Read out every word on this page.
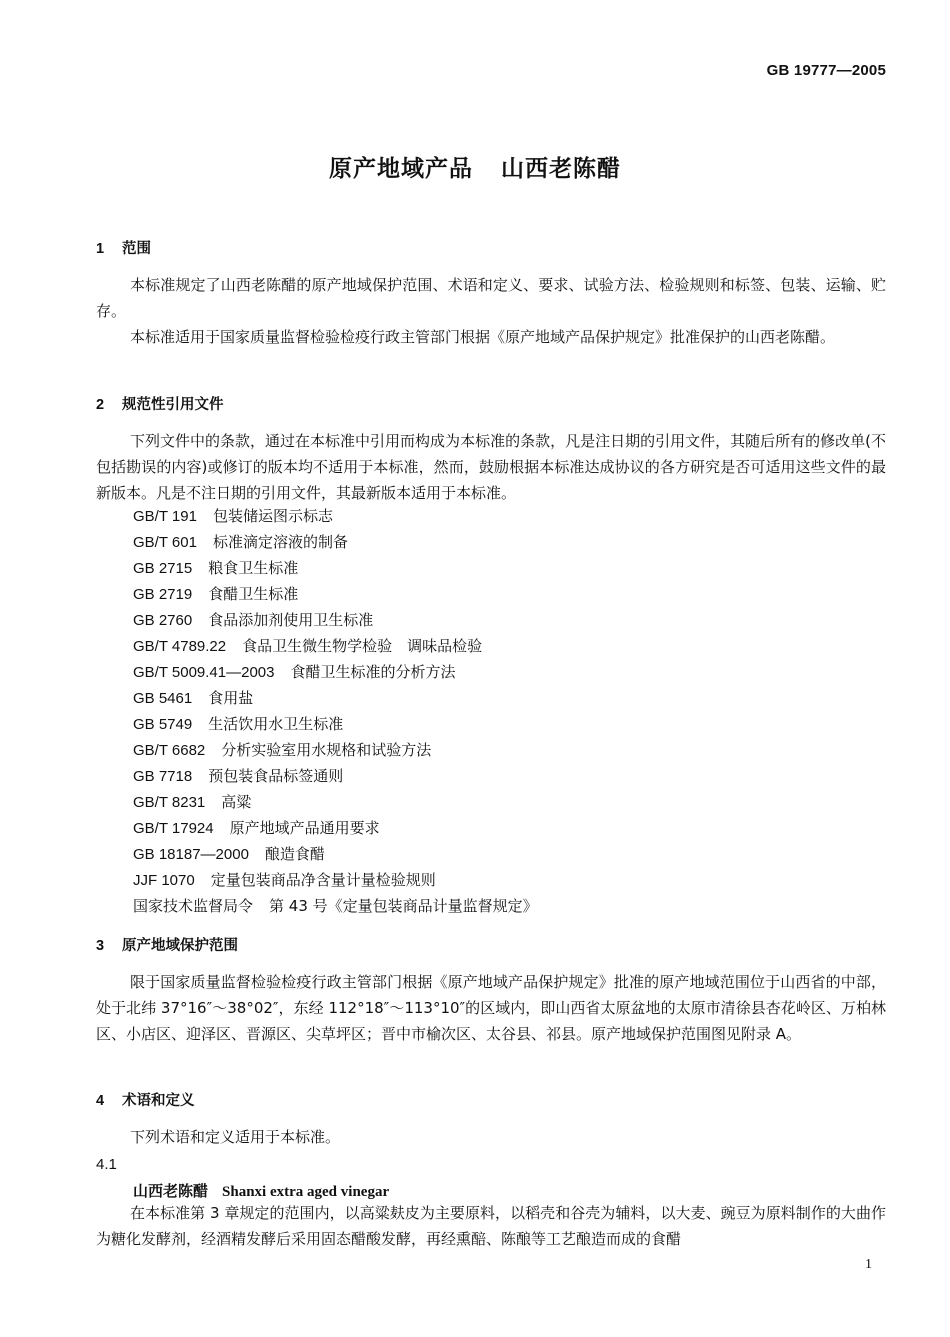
GB 19777—2005
原产地域产品 山西老陈醋
1 范围

本标准规定了山西老陈醋的原产地域保护范围、术语和定义、要求、试验方法、检验规则和标签、包装、运输、贮存。

本标准适用于国家质量监督检验检疫行政主管部门根据《原产地域产品保护规定》批准保护的山西老陈醋。

2 规范性引用文件

下列文件中的条款，通过在本标准中引用而构成为本标准的条款，凡是注日期的引用文件，其随后所有的修改单(不包括勘误的内容)或修订的版本均不适用于本标准，然而，鼓励根据本标准达成协议的各方研究是否可适用这些文件的最新版本。凡是不注日期的引用文件，其最新版本适用于本标准。

GB/T 191 包装储运图示标志
GB/T 601 标准滴定溶液的制备
GB 2715 粮食卫生标准
GB 2719 食醋卫生标准
GB 2760 食品添加剂使用卫生标准
GB/T 4789.22 食品卫生微生物学检验　调味品检验
GB/T 5009.41—2003 食醋卫生标准的分析方法
GB 5461 食用盐
GB 5749 生活饮用水卫生标准
GB/T 6682 分析实验室用水规格和试验方法
GB 7718 预包装食品标签通则
GB/T 8231 高粱
GB/T 17924 原产地域产品通用要求
GB 18187—2000 酿造食醋
JJF 1070 定量包装商品净含量计量检验规则
国家技术监督局令 第 43 号《定量包装商品计量监督规定》
3 原产地域保护范围

限于国家质量监督检验检疫行政主管部门根据《原产地域产品保护规定》批准的原产地域范围位于山西省的中部，处于北纬 37°16″～38°02″，东经 112°18″～113°10″的区域内，即山西省太原盆地的太原市清徐县杏花岭区、万柏林区、小店区、迎泽区、晋源区、尖草坪区；晋中市榆次区、太谷县、祁县。原产地域保护范围图见附录 A。

4 术语和定义

下列术语和定义适用于本标准。

4.1
山西老陈醋 Shanxi extra aged vinegar

在本标准第 3 章规定的范围内，以高粱麸皮为主要原料，以稻壳和谷壳为辅料，以大麦、豌豆为原料制作的大曲作为糖化发酵剂，经酒精发酵后采用固态醋酸发酵，再经熏醅、陈酿等工艺酿造而成的食醋

1
